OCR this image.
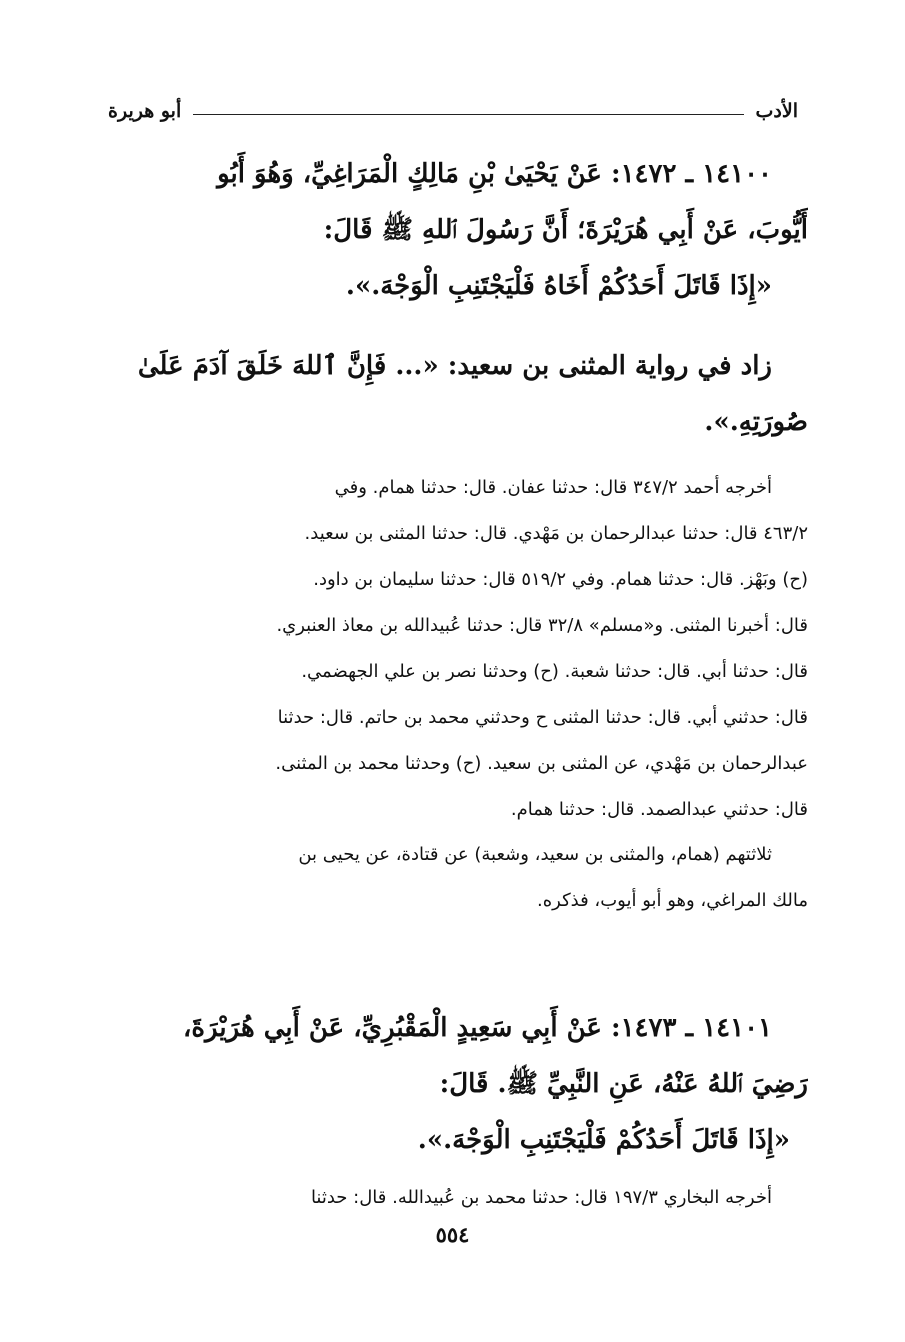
الأدب
أبو هريرة
١٤١٠٠ ـ ١٤٧٢: عَنْ يَحْيَىٰ بْنِ مَالِكٍ الْمَرَاغِيِّ، وَهُوَ أَبُو
أَيُّوبَ، عَنْ أَبِي هُرَيْرَةَ؛ أَنَّ رَسُولَ ٱللهِ ﷺ قَالَ:
«إِذَا قَاتَلَ أَحَدُكُمْ أَخَاهُ فَلْيَجْتَنِبِ الْوَجْهَ.».
زاد في رواية المثنى بن سعيد: «... فَإِنَّ ٱللهَ خَلَقَ آدَمَ عَلَىٰ
صُورَتِهِ.».
أخرجه أحمد ٣٤٧/٢ قال: حدثنا عفان. قال: حدثنا همام. وفي
٤٦٣/٢ قال: حدثنا عبدالرحمان بن مَهْدي. قال: حدثنا المثنى بن سعيد.
(ح) وبَهْز. قال: حدثنا همام. وفي ٥١٩/٢ قال: حدثنا سليمان بن داود.
قال: أخبرنا المثنى. و«مسلم» ٣٢/٨ قال: حدثنا عُبيدالله بن معاذ العنبري.
قال: حدثنا أبي. قال: حدثنا شعبة. (ح) وحدثنا نصر بن علي الجهضمي.
قال: حدثني أبي. قال: حدثنا المثنى ح وحدثني محمد بن حاتم. قال: حدثنا
عبدالرحمان بن مَهْدي، عن المثنى بن سعيد. (ح) وحدثنا محمد بن المثنى.
قال: حدثني عبدالصمد. قال: حدثنا همام.
ثلاثتهم (همام، والمثنى بن سعيد، وشعبة) عن قتادة، عن يحيى بن
مالك المراغي، وهو أبو أيوب، فذكره.
١٤١٠١ ـ ١٤٧٣: عَنْ أَبِي سَعِيدٍ الْمَقْبُرِيِّ، عَنْ أَبِي هُرَيْرَةَ،
رَضِيَ ٱللهُ عَنْهُ، عَنِ النَّبِيِّ ﷺ. قَالَ:
«إِذَا قَاتَلَ أَحَدُكُمْ فَلْيَجْتَنِبِ الْوَجْهَ.».
أخرجه البخاري ١٩٧/٣ قال: حدثنا محمد بن عُبيدالله. قال: حدثنا
٥٥٤
